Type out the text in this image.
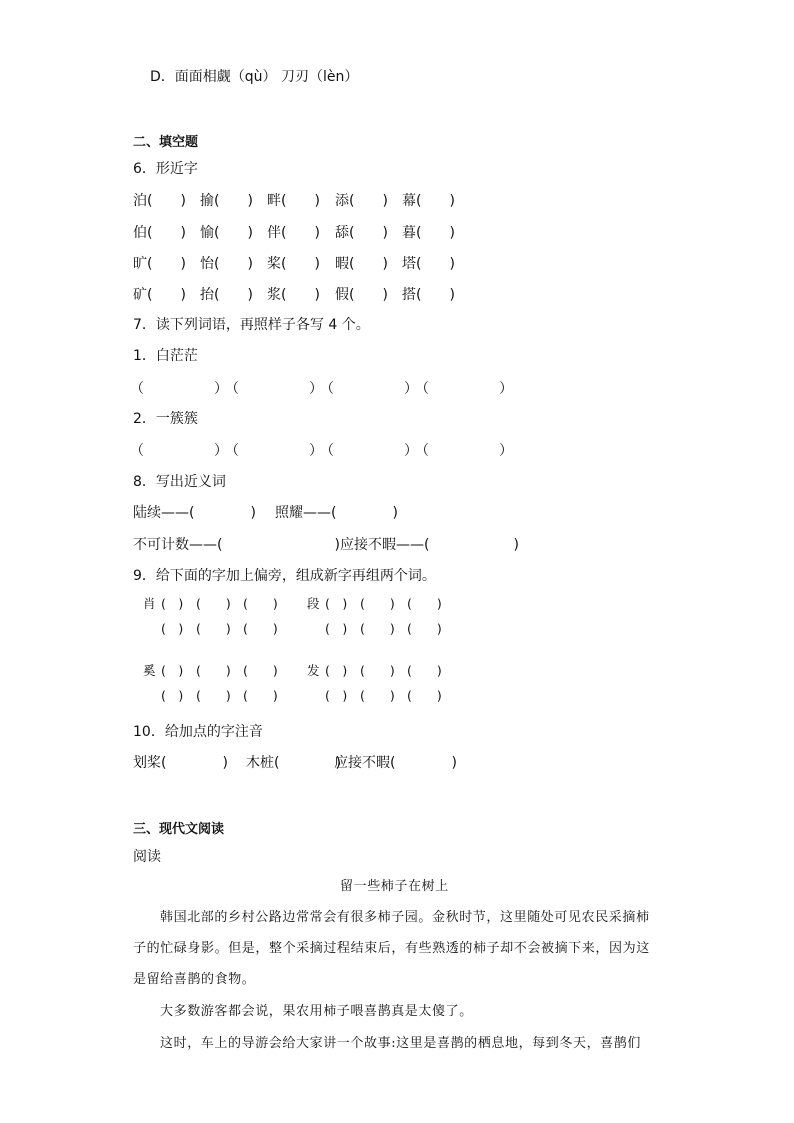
D．面面相觑（qù） 刀刃（lèn）
二、填空题
6．形近字
泊(　　) 揄(　　) 畔(　　) 添(　　) 幕(　　)
伯(　　) 愉(　　) 伴(　　) 舔(　　) 暮(　　)
旷(　　) 怡(　　) 桨(　　) 暇(　　) 塔(　　)
矿(　　) 抬(　　) 浆(　　) 假(　　) 搭(　　)
7．读下列词语，再照样子各写 4 个。
1．白茫茫
（　　　　　）
（　　　　　）
（　　　　　）
（　　　　　）
2．一簇簇
（　　　　　）
（　　　　　）
（　　　　　）
（　　　　　）
8．写出近义词
陆续——(　　　　) 照耀——(　　　　)
不可计数——(　　　　　　　　) 应接不暇——(　　　　　　)
9．给下面的字加上偏旁，组成新字再组两个词。
肖 (　) (　　) (　　)
(　) (　　) (　　)
段 (　) (　　) (　　)
(　) (　　) (　　)
奚 (　) (　　) (　　)
(　) (　　) (　　)
发 (　) (　　) (　　)
(　) (　　) (　　)
10．给加点的字注音
划桨(　　　　) 木桩(　　　　)
应接不暇(　　　　)
三、现代文阅读
阅读
留一些柿子在树上
韩国北部的乡村公路边常常会有很多柿子园。金秋时节，这里随处可见农民采摘柿
子的忙碌身影。但是，整个采摘过程结束后，有些熟透的柿子却不会被摘下来，因为这
是留给喜鹊的食物。
大多数游客都会说，果农用柿子喂喜鹊真是太傻了。
这时，车上的导游会给大家讲一个故事:这里是喜鹊的栖息地，每到冬天，喜鹊们
